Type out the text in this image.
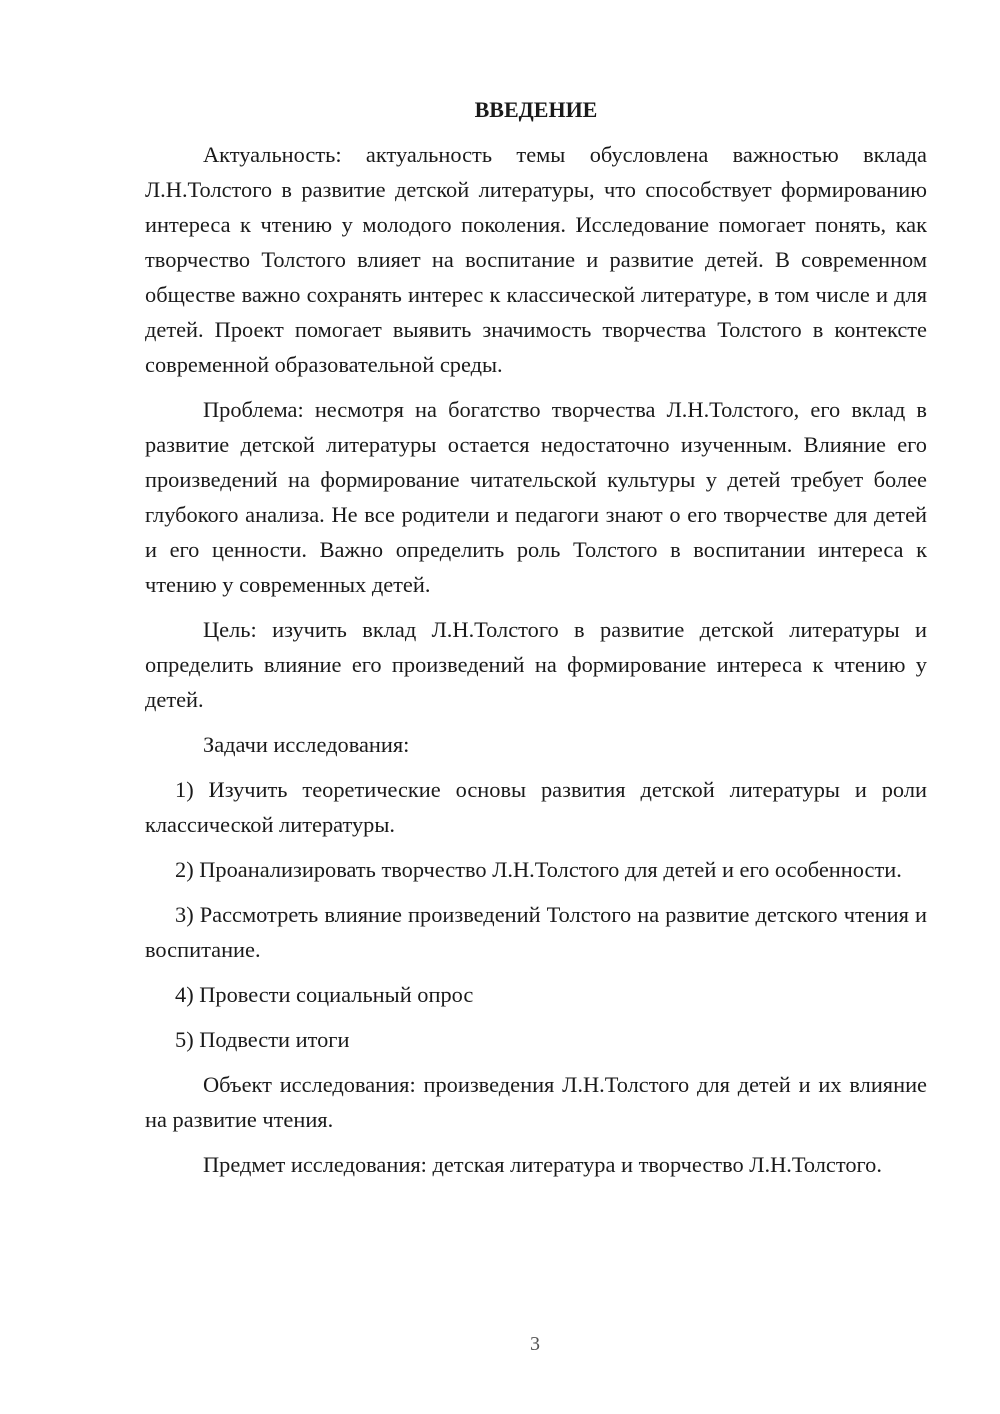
ВВЕДЕНИЕ

Актуальность: актуальность темы обусловлена важностью вклада Л.Н.Толстого в развитие детской литературы, что способствует формированию интереса к чтению у молодого поколения. Исследование помогает понять, как творчество Толстого влияет на воспитание и развитие детей. В современном обществе важно сохранять интерес к классической литературе, в том числе и для детей. Проект помогает выявить значимость творчества Толстого в контексте современной образовательной среды.

Проблема: несмотря на богатство творчества Л.Н.Толстого, его вклад в развитие детской литературы остается недостаточно изученным. Влияние его произведений на формирование читательской культуры у детей требует более глубокого анализа. Не все родители и педагоги знают о его творчестве для детей и его ценности. Важно определить роль Толстого в воспитании интереса к чтению у современных детей.

Цель: изучить вклад Л.Н.Толстого в развитие детской литературы и определить влияние его произведений на формирование интереса к чтению у детей.

Задачи исследования:

1) Изучить теоретические основы развития детской литературы и роли классической литературы.

2) Проанализировать творчество Л.Н.Толстого для детей и его особенности.

3) Рассмотреть влияние произведений Толстого на развитие детского чтения и воспитание.

4) Провести социальный опрос

5) Подвести итоги

Объект исследования: произведения Л.Н.Толстого для детей и их влияние на развитие чтения.

Предмет исследования: детская литература и творчество Л.Н.Толстого.

3
